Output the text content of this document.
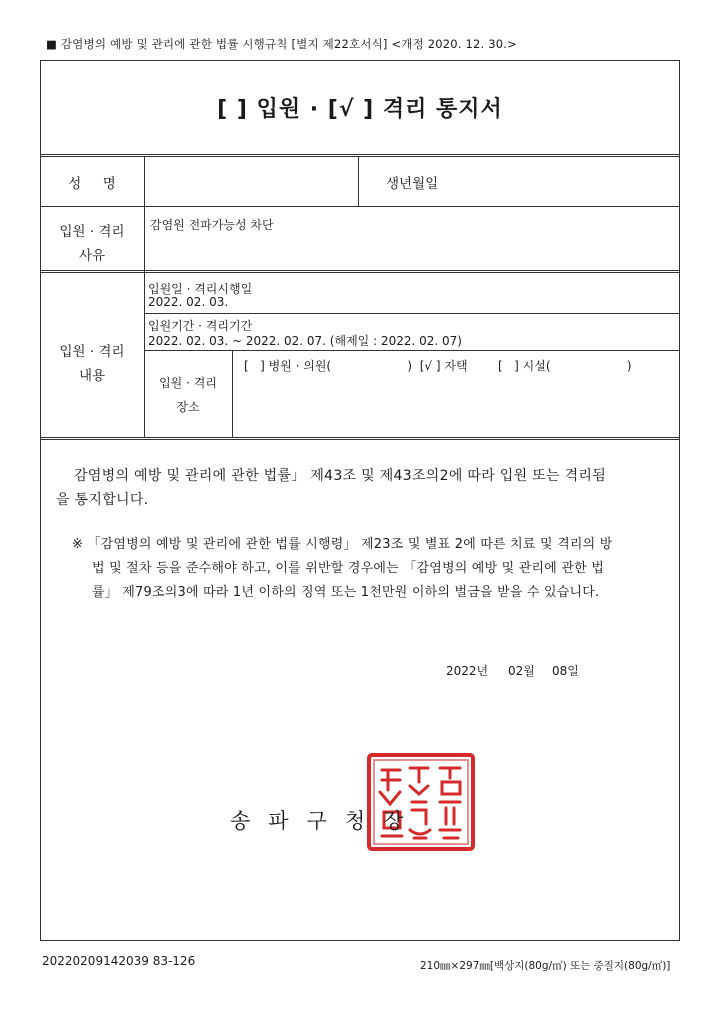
■ 감염병의 예방 및 관리에 관한 법률 시행규칙 [별지 제22호서식] <개정 2020. 12. 30.>
[ ] 입원 · [√ ] 격리 통지서
성     명	생년월일
입원 · 격리
사유
감염원 전파가능성 차단
입원 · 격리
내용
입원일 · 격리시행일
2022. 02. 03.
입원기간 · 격리기간
2022. 02. 03. ~ 2022. 02. 07. (해제일 : 2022. 02. 07)
입원 · 격리
장소
[   ] 병원 · 의원(                    )  [√ ] 자택        [   ] 시설(                    )
감염병의 예방 및 관리에 관한 법률」 제43조 및 제43조의2에 따라 입원 또는 격리됨
을 통지합니다.
※ 「감염병의 예방 및 관리에 관한 법률 시행령」 제23조 및 별표 2에 따른 치료 및 격리의 방
법 및 절차 등을 준수해야 하고, 이를 위반할 경우에는 「감염병의 예방 및 관리에 관한 법
률」 제79조의3에 따라 1년 이하의 징역 또는 1천만원 이하의 벌금을 받을 수 있습니다.
2022년 02월 08일
송파구청장
20220209142039 83-126	210㎜×297㎜[백상지(80g/㎡) 또는 중질지(80g/㎡)]
